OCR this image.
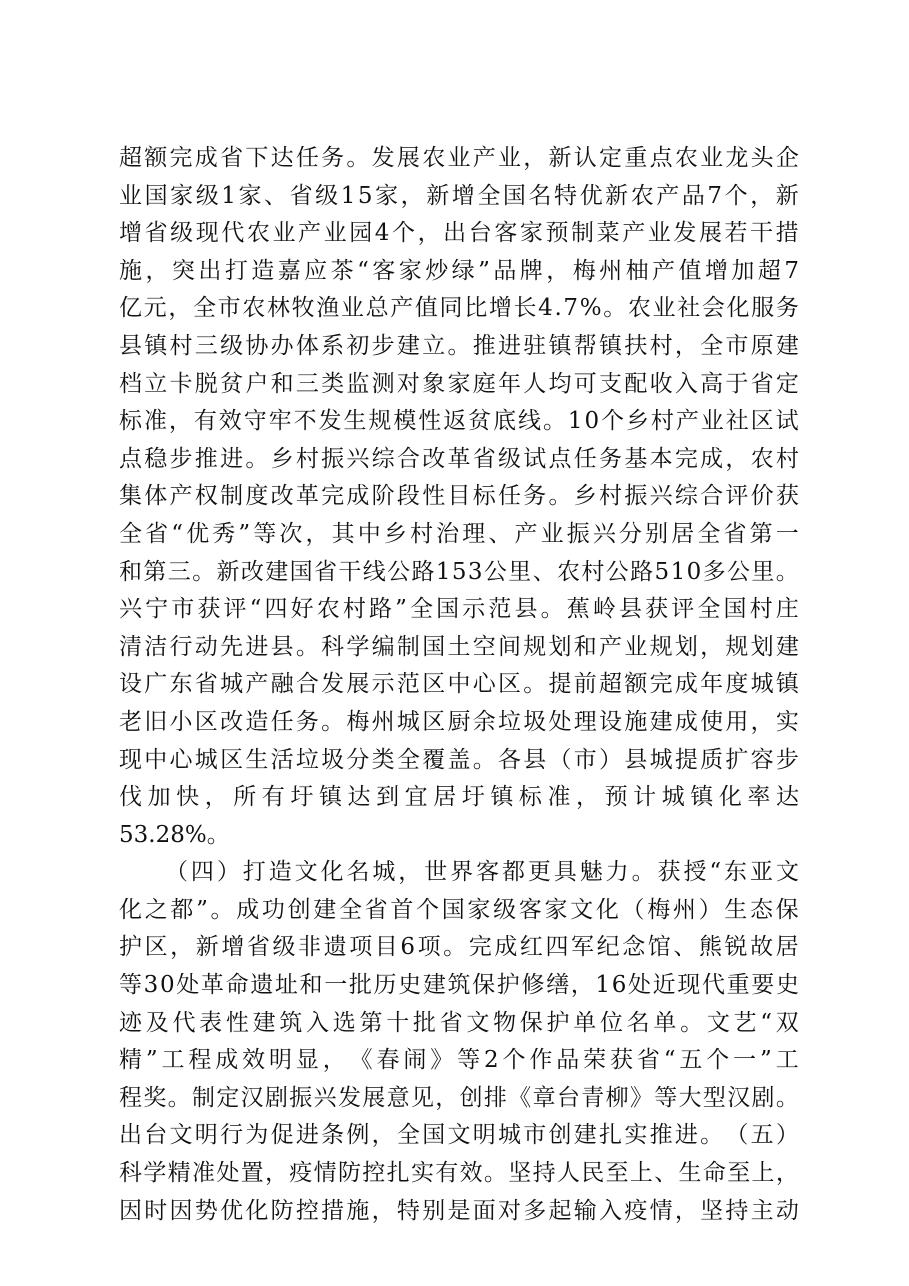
超 额 完 成 省 下 达 任 务 。 发 展 农 业 产 业 ， 新 认 定 重 点 农 业 龙 头 企
业 国 家 级 1 家 、 省 级 1 5 家 ， 新 增 全 国 名 特 优 新 农 产 品 7 个 ， 新
增 省 级 现 代 农 业 产 业 园 4 个 ， 出 台 客 家 预 制 菜 产 业 发 展 若 干 措
施 ， 突 出 打 造 嘉 应 茶 “ 客 家 炒 绿 ” 品 牌 ， 梅 州 柚 产 值 增 加 超 7
亿 元 ， 全 市 农 林 牧 渔 业 总 产 值 同 比 增 长 4 . 7 % 。 农 业 社 会 化 服 务
县 镇 村 三 级 协 办 体 系 初 步 建 立 。 推 进 驻 镇 帮 镇 扶 村 ， 全 市 原 建
档 立 卡 脱 贫 户 和 三 类 监 测 对 象 家 庭 年 人 均 可 支 配 收 入 高 于 省 定
标 准 ， 有 效 守 牢 不 发 生 规 模 性 返 贫 底 线 。 1 0 个 乡 村 产 业 社 区 试
点 稳 步 推 进 。 乡 村 振 兴 综 合 改 革 省 级 试 点 任 务 基 本 完 成 ， 农 村
集 体 产 权 制 度 改 革 完 成 阶 段 性 目 标 任 务 。 乡 村 振 兴 综 合 评 价 获
全 省 “ 优 秀 ” 等 次 ， 其 中 乡 村 治 理 、 产 业 振 兴 分 别 居 全 省 第 一
和 第 三 。 新 改 建 国 省 干 线 公 路 1 5 3 公 里 、 农 村 公 路 5 1 0 多 公 里 。
兴 宁 市 获 评 “ 四 好 农 村 路 ” 全 国 示 范 县 。 蕉 岭 县 获 评 全 国 村 庄
清 洁 行 动 先 进 县 。 科 学 编 制 国 土 空 间 规 划 和 产 业 规 划 ， 规 划 建
设 广 东 省 城 产 融 合 发 展 示 范 区 中 心 区 。 提 前 超 额 完 成 年 度 城 镇
老 旧 小 区 改 造 任 务 。 梅 州 城 区 厨 余 垃 圾 处 理 设 施 建 成 使 用 ， 实
现 中 心 城 区 生 活 垃 圾 分 类 全 覆 盖 。 各 县 （ 市 ） 县 城 提 质 扩 容 步
伐 加 快 ， 所 有 圩 镇 达 到 宜 居 圩 镇 标 准 ， 预 计 城 镇 化 率 达
53.28%。
（ 四 ） 打 造 文 化 名 城 ， 世 界 客 都 更 具 魅 力 。 获 授 “ 东 亚 文
化 之 都 ” 。 成 功 创 建 全 省 首 个 国 家 级 客 家 文 化 （ 梅 州 ） 生 态 保
护 区 ， 新 增 省 级 非 遗 项 目 6 项 。 完 成 红 四 军 纪 念 馆 、 熊 锐 故 居
等 3 0 处 革 命 遗 址 和 一 批 历 史 建 筑 保 护 修 缮 ， 1 6 处 近 现 代 重 要 史
迹 及 代 表 性 建 筑 入 选 第 十 批 省 文 物 保 护 单 位 名 单 。 文 艺 “ 双
精 ” 工 程 成 效 明 显 ， 《 春 闹 》 等 2 个 作 品 荣 获 省 “ 五 个 一 ” 工
程 奖 。 制 定 汉 剧 振 兴 发 展 意 见 ， 创 排 《 章 台 青 柳 》 等 大 型 汉 剧 。
出 台 文 明 行 为 促 进 条 例 ， 全 国 文 明 城 市 创 建 扎 实 推 进 。 （ 五 ）
科 学 精 准 处 置 ， 疫 情 防 控 扎 实 有 效 。 坚 持 人 民 至 上 、 生 命 至 上 ，
因 时 因 势 优 化 防 控 措 施 ， 特 别 是 面 对 多 起 输 入 疫 情 ， 坚 持 主 动
